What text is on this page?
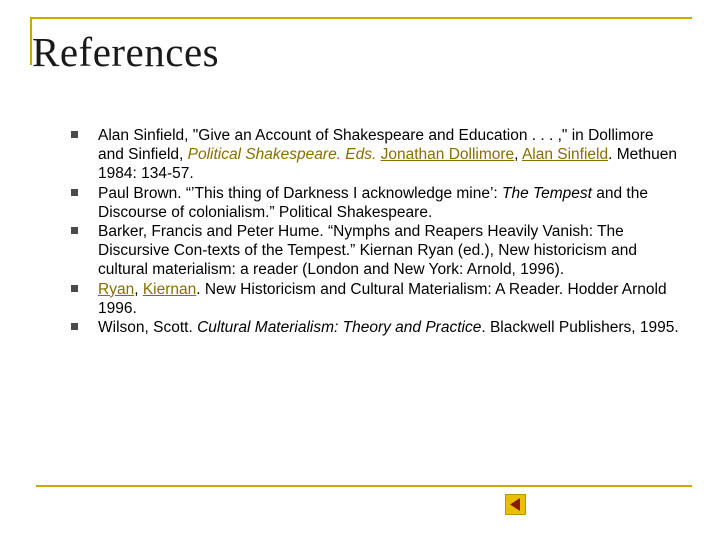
References
Alan Sinfield, "Give an Account of Shakespeare and Education . . . ," in Dollimore and Sinfield, Political Shakespeare. Eds. Jonathan Dollimore, Alan Sinfield. Methuen 1984: 134-57.
Paul Brown. “’This thing of Darkness I acknowledge mine’: The Tempest and the Discourse of colonialism.” Political Shakespeare.
Barker, Francis and Peter Hume. “Nymphs and Reapers Heavily Vanish: The Discursive Con-texts of the Tempest.” Kiernan Ryan (ed.), New historicism and cultural materialism: a reader (London and New York: Arnold, 1996).
Ryan, Kiernan. New Historicism and Cultural Materialism: A Reader. Hodder Arnold 1996.
Wilson, Scott. Cultural Materialism: Theory and Practice. Blackwell Publishers, 1995.
